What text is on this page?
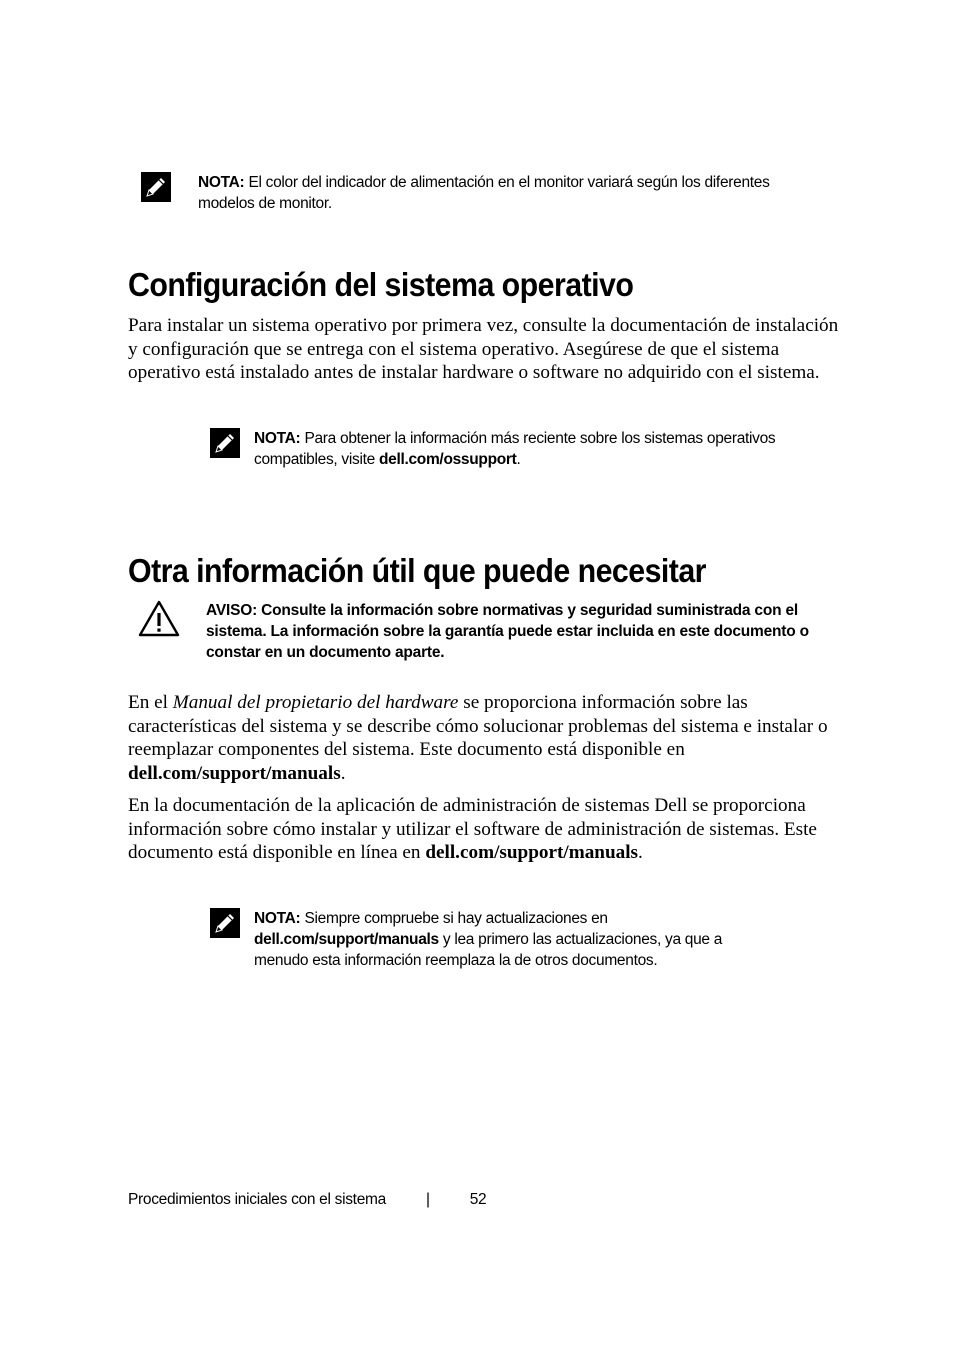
NOTA: El color del indicador de alimentación en el monitor variará según los diferentes
modelos de monitor.
Configuración del sistema operativo

Para instalar un sistema operativo por primera vez, consulte la documentación de instalación y configuración que se entrega con el sistema operativo. Asegúrese de que el sistema operativo está instalado antes de instalar hardware o software no adquirido con el sistema.

NOTA: Para obtener la información más reciente sobre los sistemas operativos compatibles, visite dell.com/ossupport.
Otra información útil que puede necesitar
AVISO: Consulte la información sobre normativas y seguridad suministrada con el sistema. La información sobre la garantía puede estar incluida en este documento o constar en un documento aparte.

En el Manual del propietario del hardware se proporciona información sobre las características del sistema y se describe cómo solucionar problemas del sistema e instalar o reemplazar componentes del sistema. Este documento está disponible en dell.com/support/manuals.

En la documentación de la aplicación de administración de sistemas Dell se proporciona información sobre cómo instalar y utilizar el software de administración de sistemas. Este documento está disponible en línea en dell.com/support/manuals.

NOTA: Siempre compruebe si hay actualizaciones en
dell.com/support/manuals y lea primero las actualizaciones, ya que a menudo esta información reemplaza la de otros documentos.
Procedimientos iniciales con el sistema	|	52
